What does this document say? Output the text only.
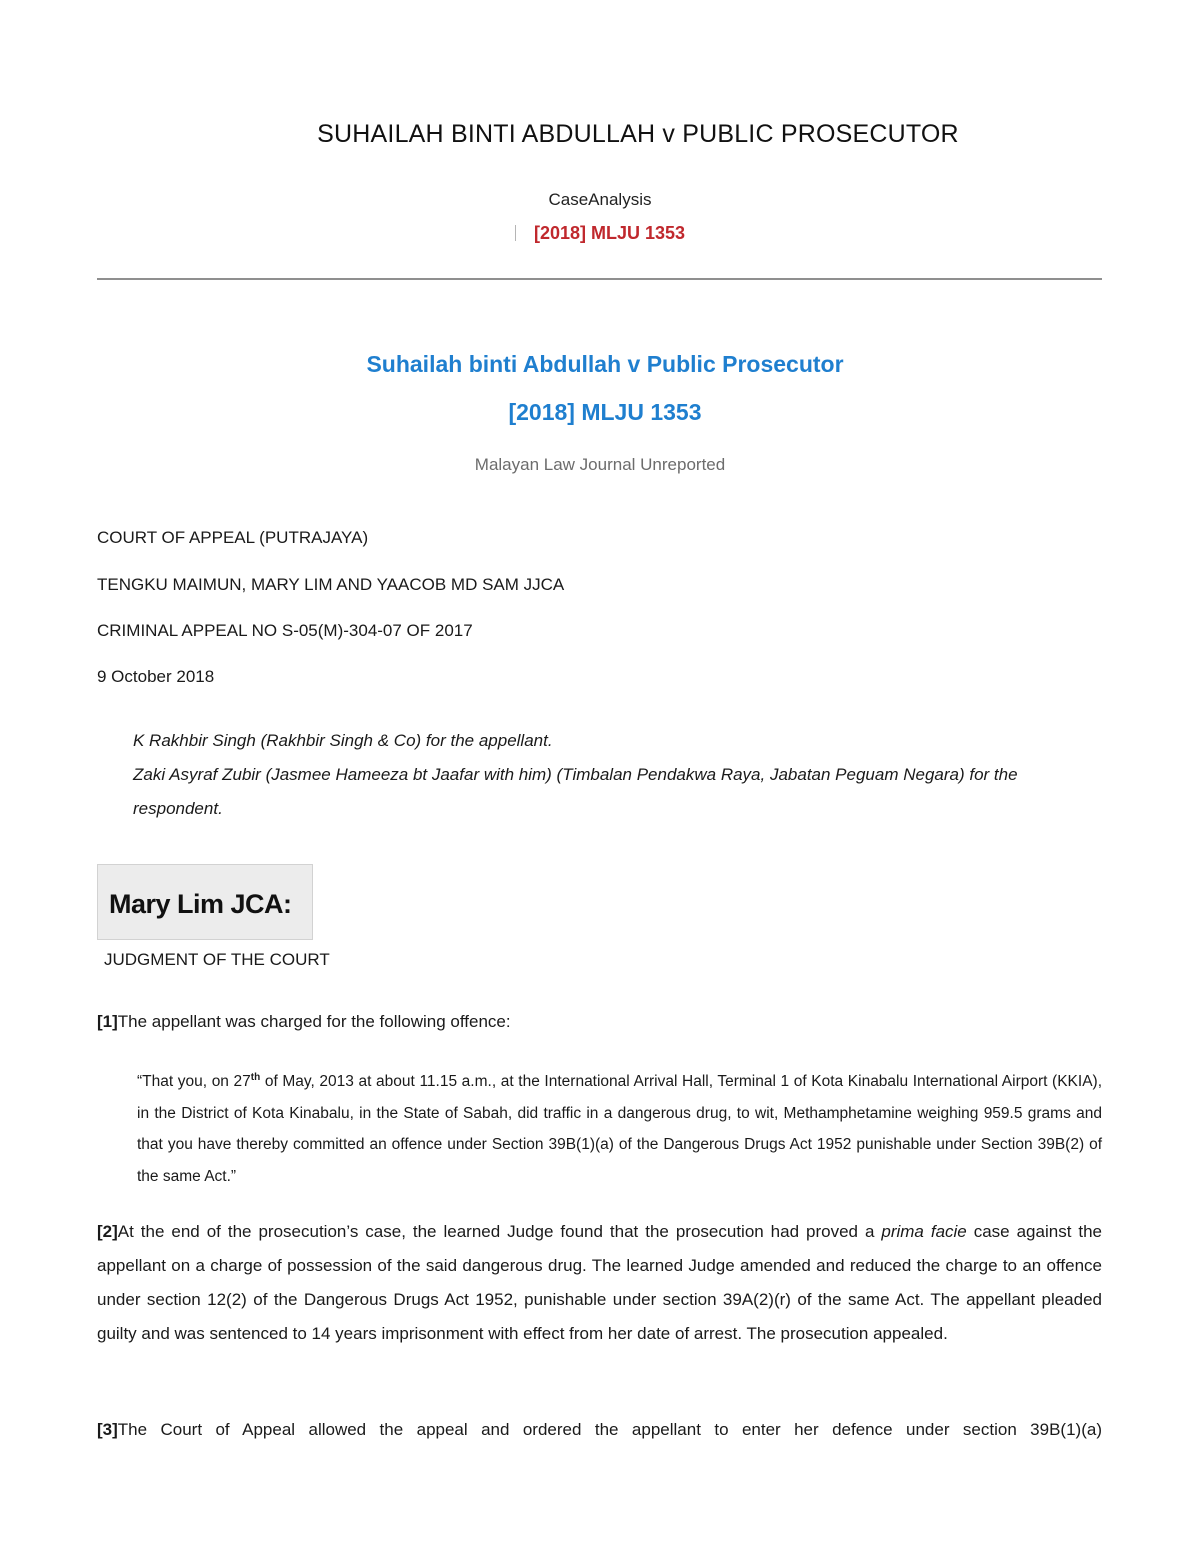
SUHAILAH BINTI ABDULLAH v PUBLIC PROSECUTOR
CaseAnalysis
[2018] MLJU 1353
Suhailah binti Abdullah v Public Prosecutor
[2018] MLJU 1353
Malayan Law Journal Unreported
COURT OF APPEAL (PUTRAJAYA)
TENGKU MAIMUN, MARY LIM AND YAACOB MD SAM JJCA
CRIMINAL APPEAL NO S-05(M)-304-07 OF 2017
9 October 2018
K Rakhbir Singh (Rakhbir Singh & Co) for the appellant.
Zaki Asyraf Zubir (Jasmee Hameeza bt Jaafar with him) (Timbalan Pendakwa Raya, Jabatan Peguam Negara) for the respondent.
Mary Lim JCA:
JUDGMENT OF THE COURT
[1]The appellant was charged for the following offence:
“That you, on 27th of May, 2013 at about 11.15 a.m., at the International Arrival Hall, Terminal 1 of Kota Kinabalu International Airport (KKIA), in the District of Kota Kinabalu, in the State of Sabah, did traffic in a dangerous drug, to wit, Methamphetamine weighing 959.5 grams and that you have thereby committed an offence under Section 39B(1)(a) of the Dangerous Drugs Act 1952 punishable under Section 39B(2) of the same Act.”
[2]At the end of the prosecution’s case, the learned Judge found that the prosecution had proved a prima facie case against the appellant on a charge of possession of the said dangerous drug. The learned Judge amended and reduced the charge to an offence under section 12(2) of the Dangerous Drugs Act 1952, punishable under section 39A(2)(r) of the same Act. The appellant pleaded guilty and was sentenced to 14 years imprisonment with effect from her date of arrest. The prosecution appealed.
[3]The Court of Appeal allowed the appeal and ordered the appellant to enter her defence under section 39B(1)(a)
